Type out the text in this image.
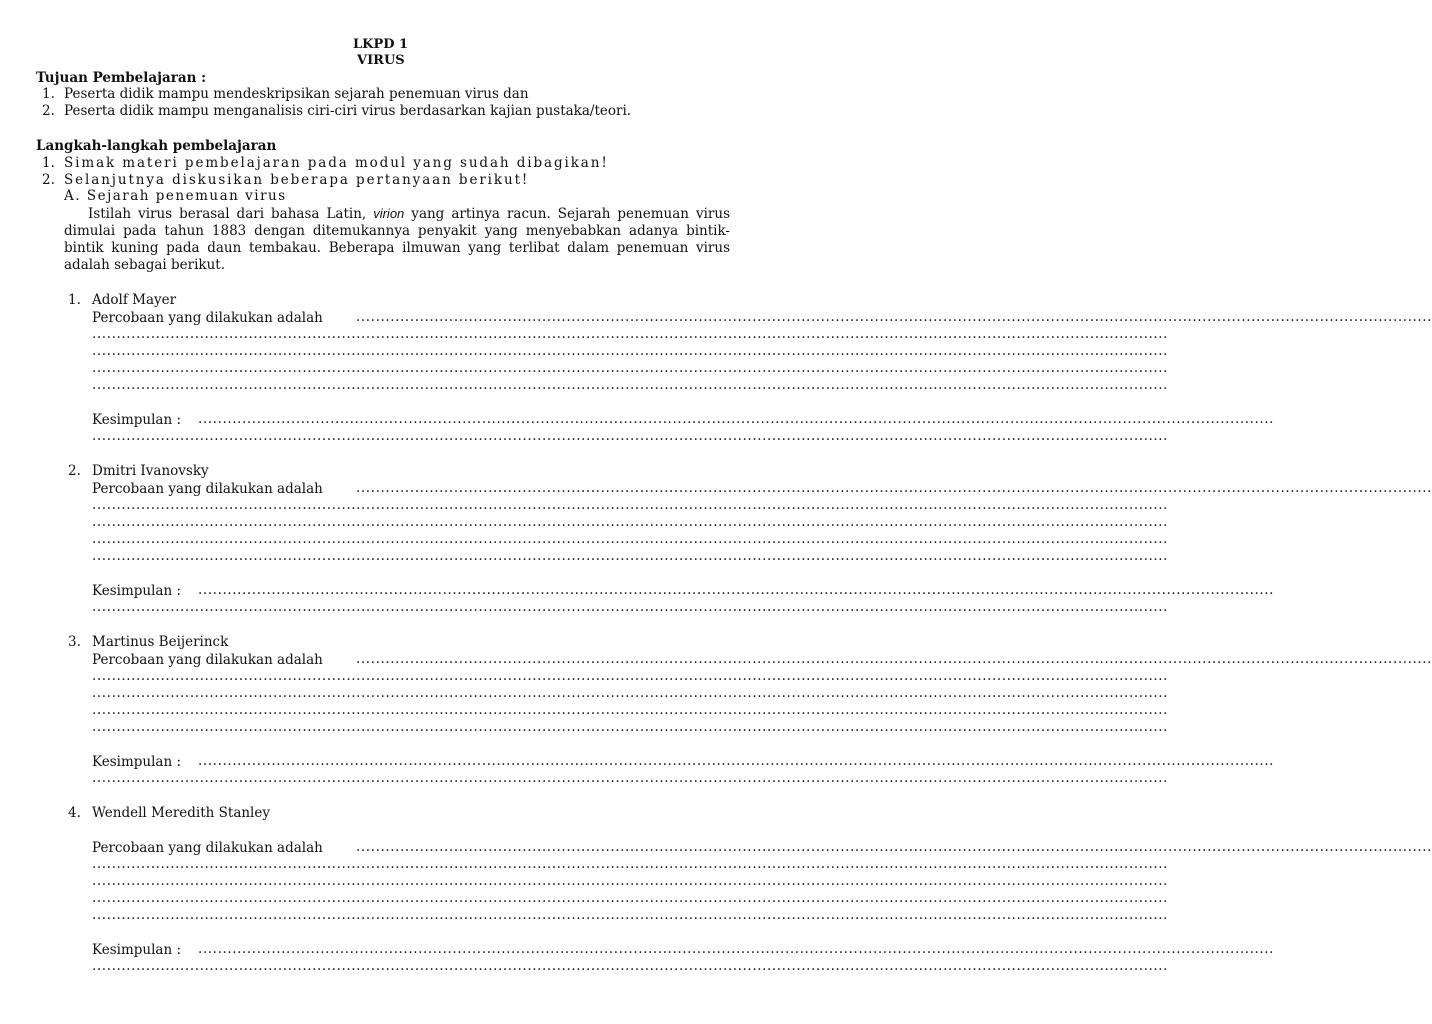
LKPD 1
VIRUS
Tujuan Pembelajaran :
1. Peserta didik mampu mendeskripsikan sejarah penemuan virus dan
2. Peserta didik mampu menganalisis ciri-ciri virus berdasarkan kajian pustaka/teori.
Langkah-langkah pembelajaran
1. Simak materi pembelajaran pada modul yang sudah dibagikan!
2. Selanjutnya diskusikan beberapa pertanyaan berikut!
A. Sejarah penemuan virus
Istilah virus berasal dari bahasa Latin, virion yang artinya racun. Sejarah penemuan virus dimulai pada tahun 1883 dengan ditemukannya penyakit yang menyebabkan adanya bintik-bintik kuning pada daun tembakau. Beberapa ilmuwan yang terlibat dalam penemuan virus adalah sebagai berikut.
1. Adolf Mayer
Percobaan yang dilakukan adalah ............................................................................................................................................................................................................................
............................................................................................................................................................................................................................
............................................................................................................................................................................................................................
............................................................................................................................................................................................................................
............................................................................................................................................................................................................................
Kesimpulan : ............................................................................................................................................................................................................................
............................................................................................................................................................................................................................
2. Dmitri Ivanovsky
Percobaan yang dilakukan adalah ............................................................................................................................................................................................................................
............................................................................................................................................................................................................................
............................................................................................................................................................................................................................
............................................................................................................................................................................................................................
............................................................................................................................................................................................................................
Kesimpulan : ............................................................................................................................................................................................................................
............................................................................................................................................................................................................................
3. Martinus Beijerinck
Percobaan yang dilakukan adalah ............................................................................................................................................................................................................................
............................................................................................................................................................................................................................
............................................................................................................................................................................................................................
............................................................................................................................................................................................................................
............................................................................................................................................................................................................................
Kesimpulan : ............................................................................................................................................................................................................................
............................................................................................................................................................................................................................
4. Wendell Meredith Stanley
Percobaan yang dilakukan adalah ............................................................................................................................................................................................................................
............................................................................................................................................................................................................................
............................................................................................................................................................................................................................
............................................................................................................................................................................................................................
............................................................................................................................................................................................................................
Kesimpulan : ............................................................................................................................................................................................................................
............................................................................................................................................................................................................................
